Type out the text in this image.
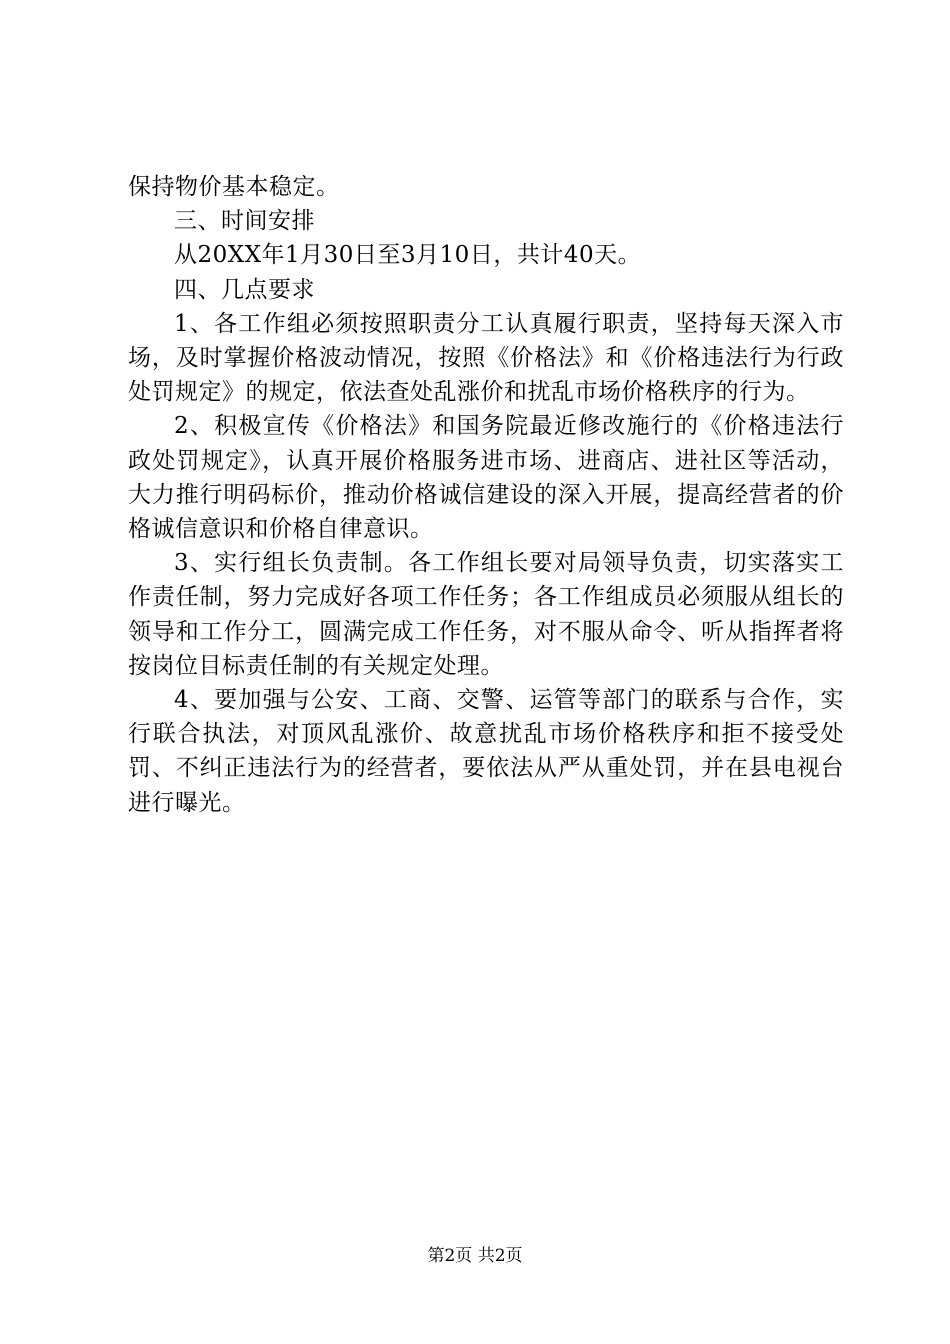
保持物价基本稳定。

三、时间安排

从20XX年1月30日至3月10日，共计40天。

四、几点要求

1、各工作组必须按照职责分工认真履行职责，坚持每天深入市场，及时掌握价格波动情况，按照《价格法》和《价格违法行为行政处罚规定》的规定，依法查处乱涨价和扰乱市场价格秩序的行为。

2、积极宣传《价格法》和国务院最近修改施行的《价格违法行政处罚规定》，认真开展价格服务进市场、进商店、进社区等活动，大力推行明码标价，推动价格诚信建设的深入开展，提高经营者的价格诚信意识和价格自律意识。

3、实行组长负责制。各工作组长要对局领导负责，切实落实工作责任制，努力完成好各项工作任务；各工作组成员必须服从组长的领导和工作分工，圆满完成工作任务，对不服从命令、听从指挥者将按岗位目标责任制的有关规定处理。

4、要加强与公安、工商、交警、运管等部门的联系与合作，实行联合执法，对顶风乱涨价、故意扰乱市场价格秩序和拒不接受处罚、不纠正违法行为的经营者，要依法从严从重处罚，并在县电视台进行曝光。

第2页 共2页
